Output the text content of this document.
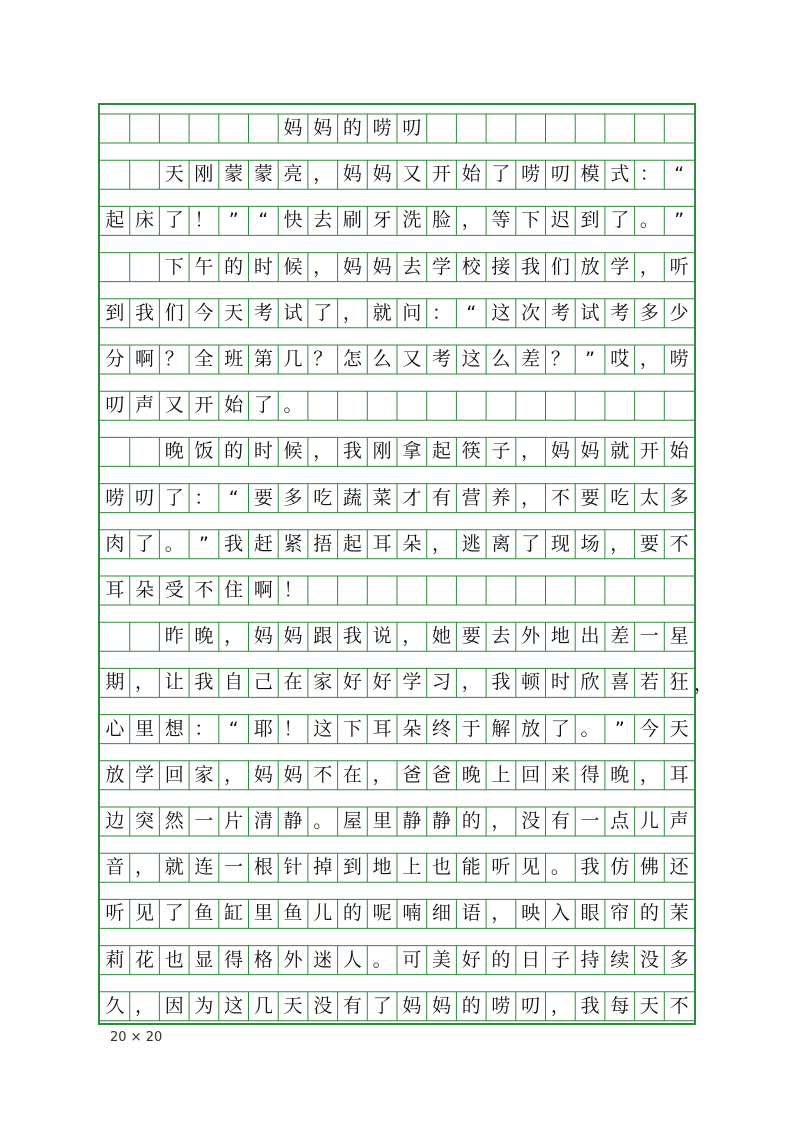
妈 妈 的 唠 叨
天 刚 蒙 蒙 亮 ， 妈 妈 又 开 始 了 唠 叨 模 式 ： “
起 床 了 ！ ”	“ 快 去 刷 牙 洗 脸 ， 等 下 迟 到 了 。 ”
下 午 的 时 候 ， 妈 妈 去 学 校 接 我 们 放 学 ， 听
到 我 们 今 天 考 试 了 ， 就 问 ： “ 这 次 考 试 考 多 少
分 啊 ？ 全 班 第 几 ？ 怎 么 又 考 这 么 差 ？ ” 哎 ， 唠
叨 声 又 开 始 了 。
晚 饭 的 时 候 ， 我 刚 拿 起 筷 子 ， 妈 妈 就 开 始
唠 叨 了 ： “ 要 多 吃 蔬 菜 才 有 营 养 ， 不 要 吃 太 多
肉 了 。 ” 我 赶 紧 捂 起 耳 朵 ， 逃 离 了 现 场 ， 要 不
耳 朵 受 不 住 啊 ！
昨 晚 ， 妈 妈 跟 我 说 ， 她 要 去 外 地 出 差 一 星
期 ， 让 我 自 己 在 家 好 好 学 习 ， 我 顿 时 欣 喜 若 狂 ，
心 里 想 ： “ 耶 ！ 这 下 耳 朵 终 于 解 放 了 。 ” 今 天
放 学 回 家 ， 妈 妈 不 在 ， 爸 爸 晚 上 回 来 得 晚 ， 耳
边 突 然 一 片 清 静 。 屋 里 静 静 的 ， 没 有 一 点 儿 声
音 ， 就 连 一 根 针 掉 到 地 上 也 能 听 见 。 我 仿 佛 还
听 见 了 鱼 缸 里 鱼 儿 的 呢 喃 细 语 ， 映 入 眼 帘 的 茉
莉 花 也 显 得 格 外 迷 人 。 可 美 好 的 日 子 持 续 没 多
久 ， 因 为 这 几 天 没 有 了 妈 妈 的 唠 叨 ， 我 每 天 不
20 × 20
